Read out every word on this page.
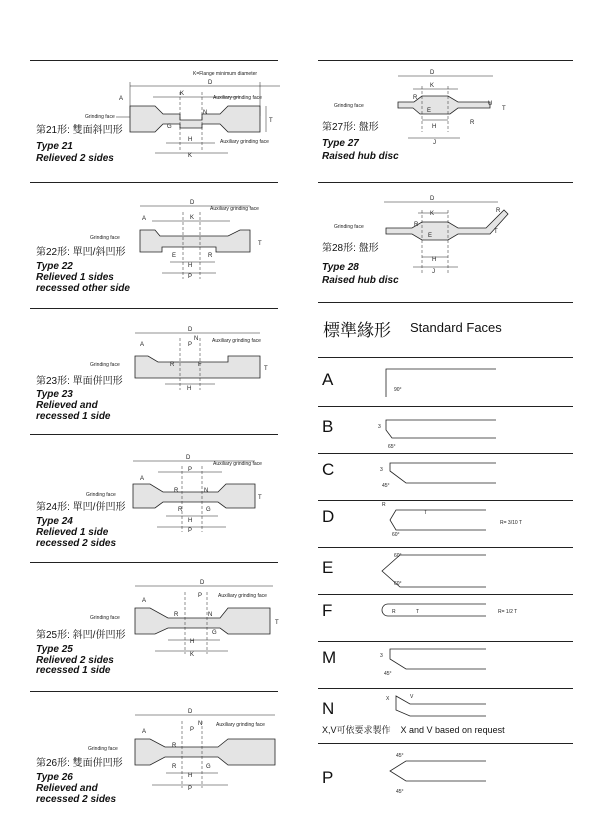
K=Flange minimum diameter
D
A
K
Auxiliary grinding face
Grinding face
G
N
T
H
K
Auxiliary grinding face
第21形: 雙面斜凹形
Type 21
Relieved 2 sides
D
A	K
Auxiliary grinding face
Grinding face
T
E	R
H
P
第22形: 單凹/斜凹形
Type 22
Relieved 1 sides
recessed other side
D
A	P
N	Auxiliary grinding face
Grinding face	R	F
T
H
第23形: 單面併凹形
Type 23
Relieved and
recessed 1 side
D
A
P
Auxiliary grinding face
Grinding face
R	N
R	G
T
H
P
第24形: 單凹/併凹形
Type 24
Relieved 1 side
recessed 2 sides
D
A
P	Auxiliary grinding face
Grinding face	R	N
G
T
H
K
第25形: 斜凹/併凹形
Type 25
Relieved 2 sides
recessed 1 side
D
A	P
N	Auxiliary grinding face
Grinding face	R
R	G
H
P
第26形: 雙面併凹形
Type 26
Relieved and
recessed 2 sides
D
K
Grinding face
R
E
U
T
R
H
J
第27形: 盤形
Type 27
Raised hub disc
D
K
Grinding face	R
E
R
T
H
J
第28形: 盤形
Type 28
Raised hub disc
標準緣形 Standard Faces
A
90°
B	3
65°
C	3
45°
D
R
T
60°
R= 3/10 T
E
60°
60°
F	R	T	R= 1/2 T
M	3
45°
N	X	V
X,V可依要求製作    X and V based on request
P
45°
45°
